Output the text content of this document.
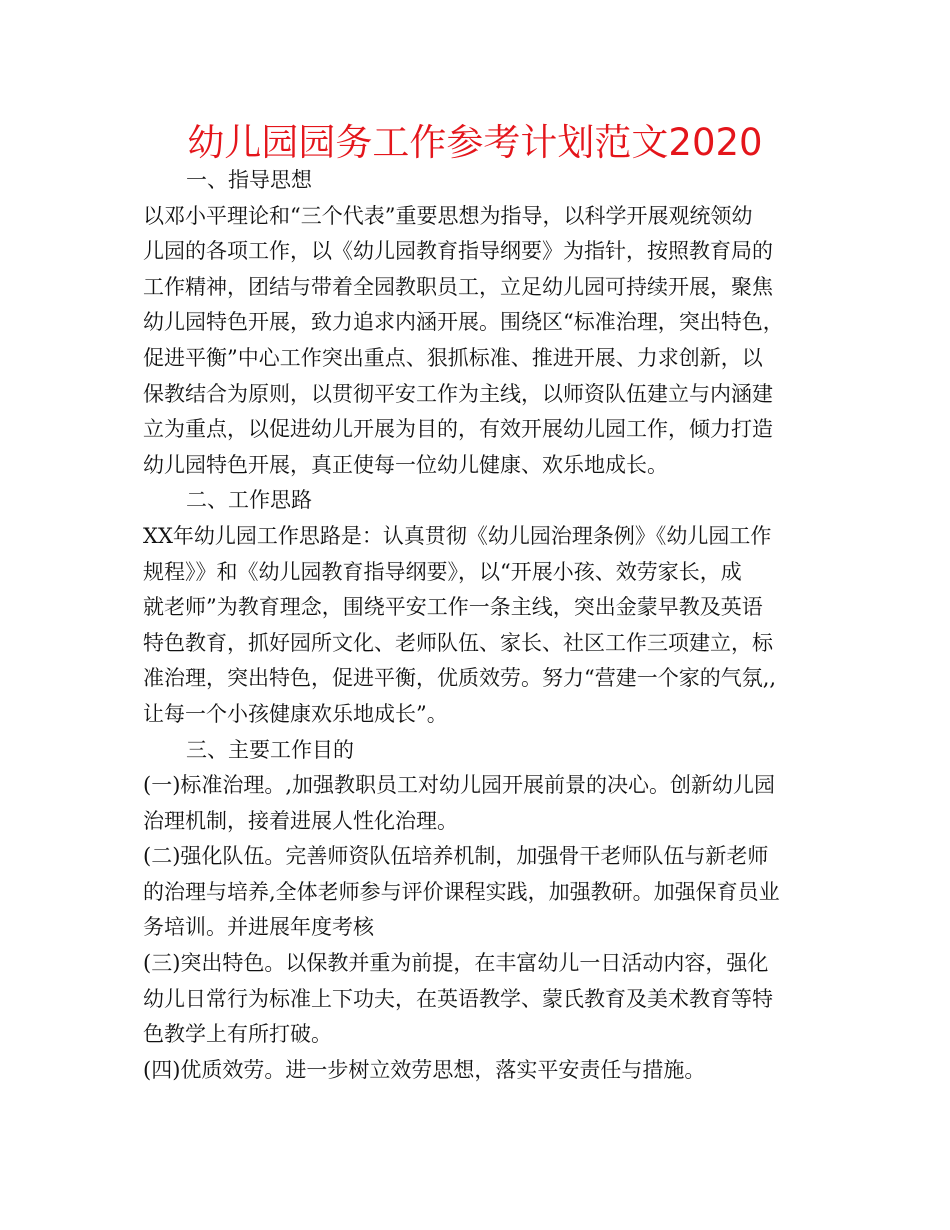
幼儿园园务工作参考计划范文2020
一、指导思想
以邓小平理论和“三个代表”重要思想为指导，以科学开展观统领幼
儿园的各项工作，以《幼儿园教育指导纲要》为指针，按照教育局的
工作精神，团结与带着全园教职员工，立足幼儿园可持续开展，聚焦
幼儿园特色开展，致力追求内涵开展。围绕区“标准治理，突出特色，
促进平衡”中心工作突出重点、狠抓标准、推进开展、力求创新，以
保教结合为原则，以贯彻平安工作为主线，以师资队伍建立与内涵建
立为重点，以促进幼儿开展为目的，有效开展幼儿园工作，倾力打造
幼儿园特色开展，真正使每一位幼儿健康、欢乐地成长。
二、工作思路
XX年幼儿园工作思路是：认真贯彻《幼儿园治理条例》《幼儿园工作
规程》》和《幼儿园教育指导纲要》，以“开展小孩、效劳家长，成
就老师”为教育理念，围绕平安工作一条主线，突出金蒙早教及英语
特色教育，抓好园所文化、老师队伍、家长、社区工作三项建立，标
准治理，突出特色，促进平衡，优质效劳。努力“营建一个家的气氛,,
让每一个小孩健康欢乐地成长”。
三、主要工作目的
(一)标准治理。,加强教职员工对幼儿园开展前景的决心。创新幼儿园
治理机制，接着进展人性化治理。
(二)强化队伍。完善师资队伍培养机制，加强骨干老师队伍与新老师
的治理与培养,全体老师参与评价课程实践，加强教研。加强保育员业
务培训。并进展年度考核
(三)突出特色。以保教并重为前提，在丰富幼儿一日活动内容，强化
幼儿日常行为标准上下功夫，在英语教学、蒙氏教育及美术教育等特
色教学上有所打破。
(四)优质效劳。进一步树立效劳思想，落实平安责任与措施。
